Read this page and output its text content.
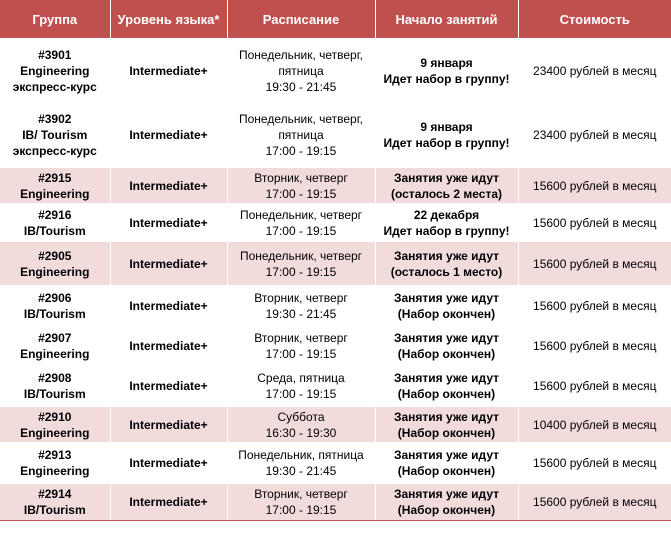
Группа	Уровень языка*	Расписание	Начало занятий	Стоимость

#3901
Engineering
экспресс-курс	Intermediate+	Понедельник, четверг,
пятница
19:30 - 21:45	9 января
Идет набор в группу!	23400 рублей в месяц

#3902
IB/ Tourism
экспресс-курс	Intermediate+	Понедельник, четверг,
пятница
17:00 - 19:15	9 января
Идет набор в группу!	23400 рублей в месяц

#2915
Engineering	Intermediate+	Вторник, четверг
17:00 - 19:15	Занятия уже идут
(осталось 2 места)	15600 рублей в месяц

#2916
IB/Tourism	Intermediate+	Понедельник, четверг
17:00 - 19:15	22 декабря
Идет набор в группу!	15600 рублей в месяц

#2905
Engineering	Intermediate+	Понедельник, четверг
17:00 - 19:15	Занятия уже идут
(осталось 1 место)	15600 рублей в месяц

#2906
IB/Tourism	Intermediate+	Вторник, четверг
19:30 - 21:45	Занятия уже идут
(Набор окончен)	15600 рублей в месяц

#2907
Engineering	Intermediate+	Вторник, четверг
17:00 - 19:15	Занятия уже идут
(Набор окончен)	15600 рублей в месяц

#2908
IB/Tourism	Intermediate+	Среда, пятница
17:00 - 19:15	Занятия уже идут
(Набор окончен)	15600 рублей в месяц

#2910
Engineering	Intermediate+	Суббота
16:30 - 19:30	Занятия уже идут
(Набор окончен)	10400 рублей в месяц

#2913
Engineering	Intermediate+	Понедельник, пятница
19:30 - 21:45	Занятия уже идут
(Набор окончен)	15600 рублей в месяц

#2914
IB/Tourism	Intermediate+	Вторник, четверг
17:00 - 19:15	Занятия уже идут
(Набор окончен)	15600 рублей в месяц
